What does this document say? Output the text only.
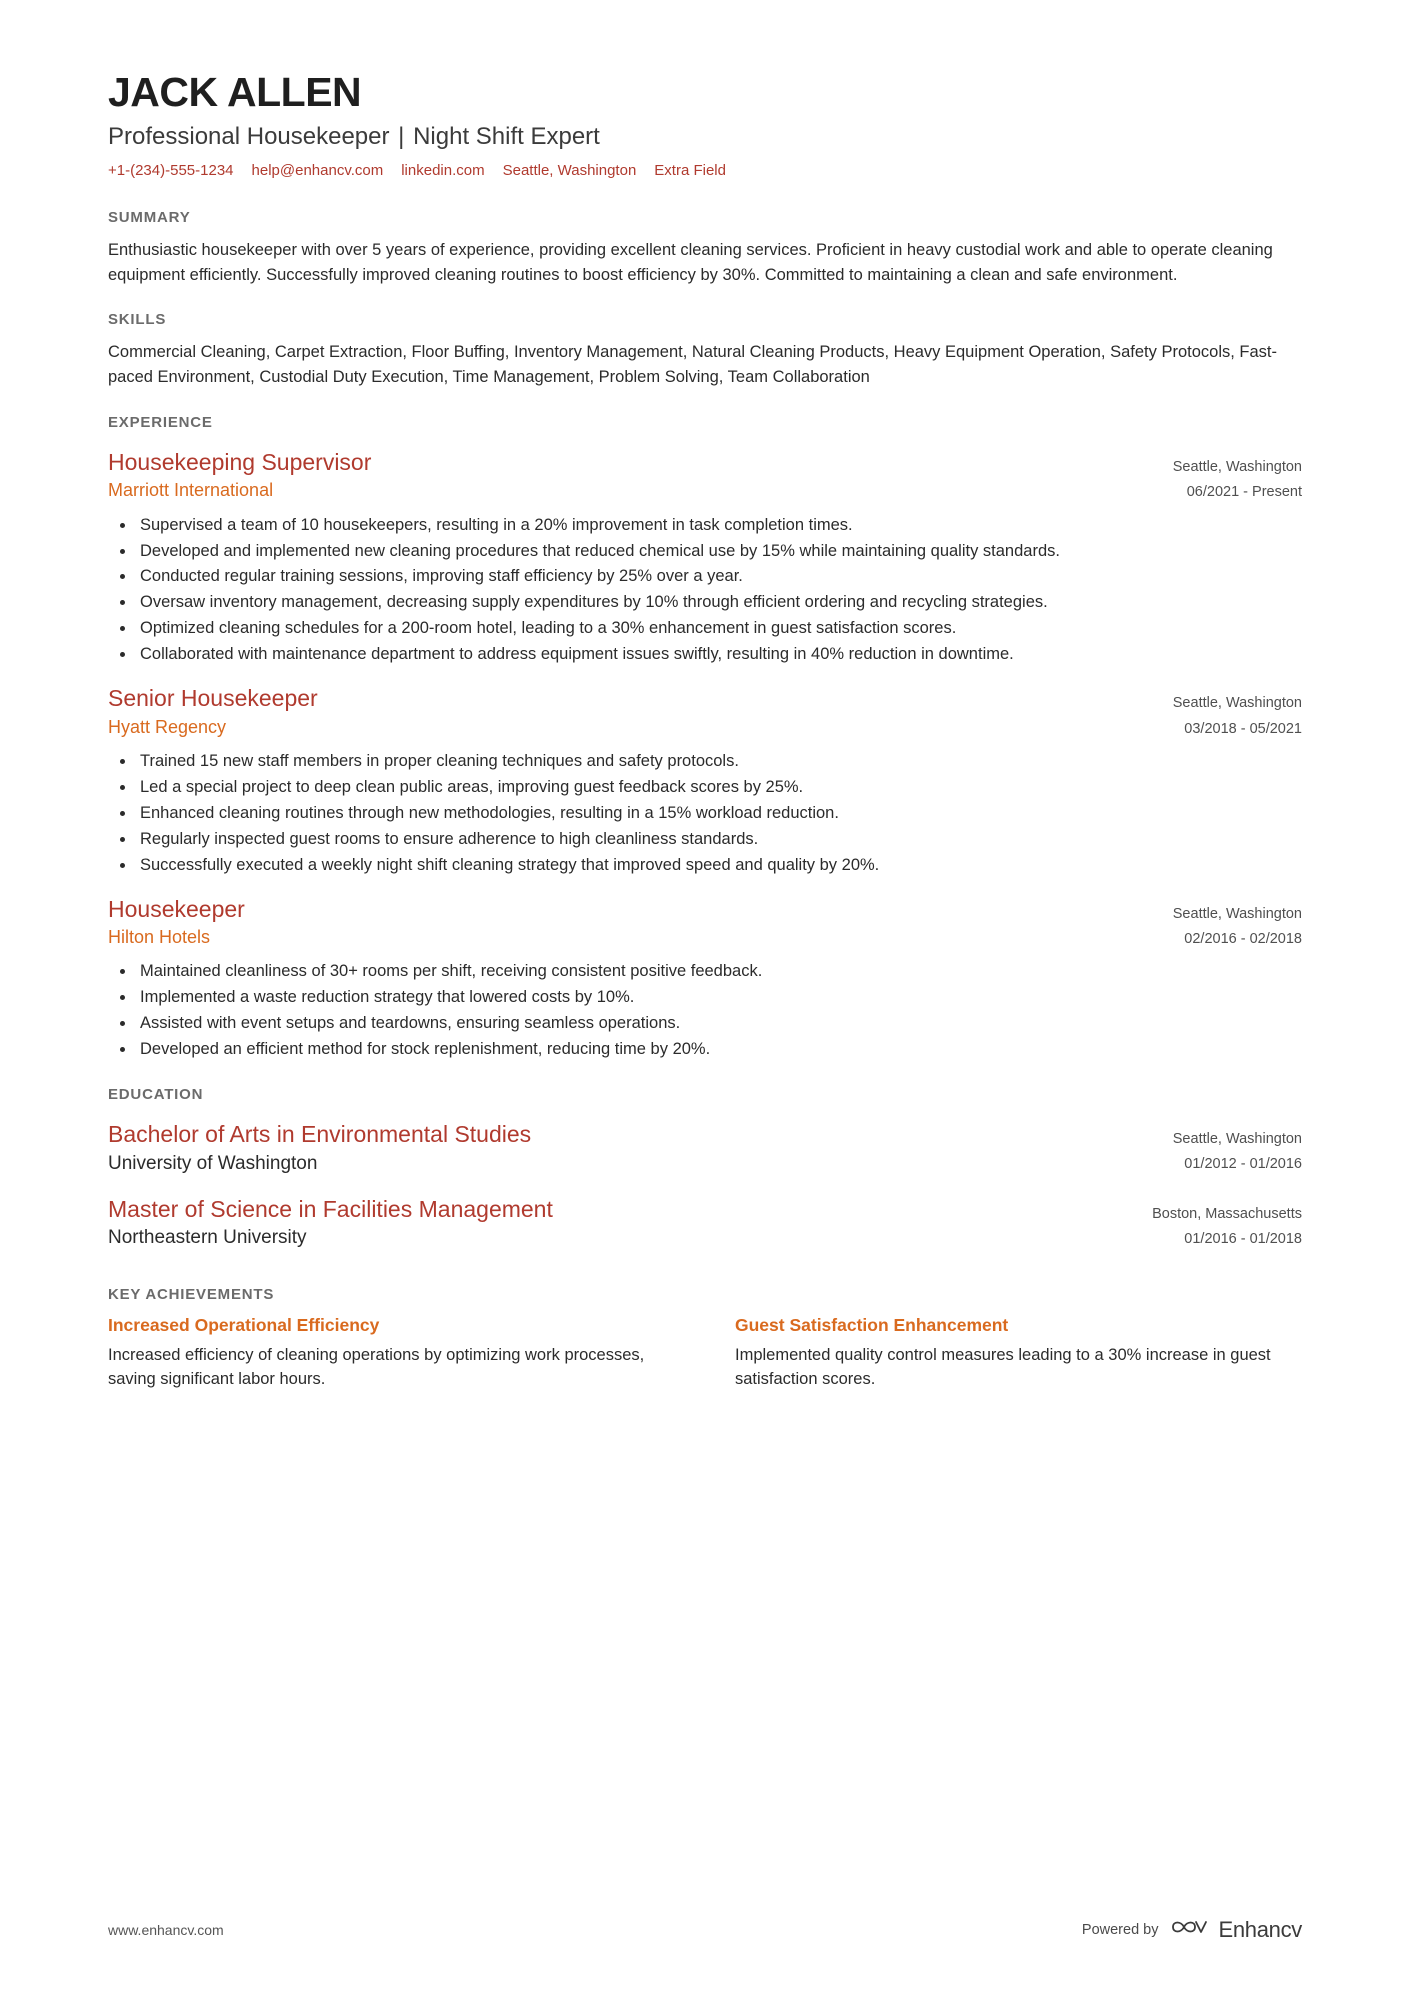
JACK ALLEN
Professional Housekeeper | Night Shift Expert
+1-(234)-555-1234 help@enhancv.com linkedin.com Seattle, Washington Extra Field
SUMMARY
Enthusiastic housekeeper with over 5 years of experience, providing excellent cleaning services. Proficient in heavy custodial work and able to operate cleaning equipment efficiently. Successfully improved cleaning routines to boost efficiency by 30%. Committed to maintaining a clean and safe environment.
SKILLS
Commercial Cleaning, Carpet Extraction, Floor Buffing, Inventory Management, Natural Cleaning Products, Heavy Equipment Operation, Safety Protocols, Fast-paced Environment, Custodial Duty Execution, Time Management, Problem Solving, Team Collaboration
EXPERIENCE
Housekeeping Supervisor
Marriott International
Seattle, Washington
06/2021 - Present
• Supervised a team of 10 housekeepers, resulting in a 20% improvement in task completion times.
• Developed and implemented new cleaning procedures that reduced chemical use by 15% while maintaining quality standards.
• Conducted regular training sessions, improving staff efficiency by 25% over a year.
• Oversaw inventory management, decreasing supply expenditures by 10% through efficient ordering and recycling strategies.
• Optimized cleaning schedules for a 200-room hotel, leading to a 30% enhancement in guest satisfaction scores.
• Collaborated with maintenance department to address equipment issues swiftly, resulting in 40% reduction in downtime.
Senior Housekeeper
Hyatt Regency
Seattle, Washington
03/2018 - 05/2021
• Trained 15 new staff members in proper cleaning techniques and safety protocols.
• Led a special project to deep clean public areas, improving guest feedback scores by 25%.
• Enhanced cleaning routines through new methodologies, resulting in a 15% workload reduction.
• Regularly inspected guest rooms to ensure adherence to high cleanliness standards.
• Successfully executed a weekly night shift cleaning strategy that improved speed and quality by 20%.
Housekeeper
Hilton Hotels
Seattle, Washington
02/2016 - 02/2018
• Maintained cleanliness of 30+ rooms per shift, receiving consistent positive feedback.
• Implemented a waste reduction strategy that lowered costs by 10%.
• Assisted with event setups and teardowns, ensuring seamless operations.
• Developed an efficient method for stock replenishment, reducing time by 20%.
EDUCATION
Bachelor of Arts in Environmental Studies
University of Washington
Seattle, Washington
01/2012 - 01/2016
Master of Science in Facilities Management
Northeastern University
Boston, Massachusetts
01/2016 - 01/2018
KEY ACHIEVEMENTS
Increased Operational Efficiency
Increased efficiency of cleaning operations by optimizing work processes, saving significant labor hours.
Guest Satisfaction Enhancement
Implemented quality control measures leading to a 30% increase in guest satisfaction scores.
www.enhancv.com	Powered by	Enhancv
